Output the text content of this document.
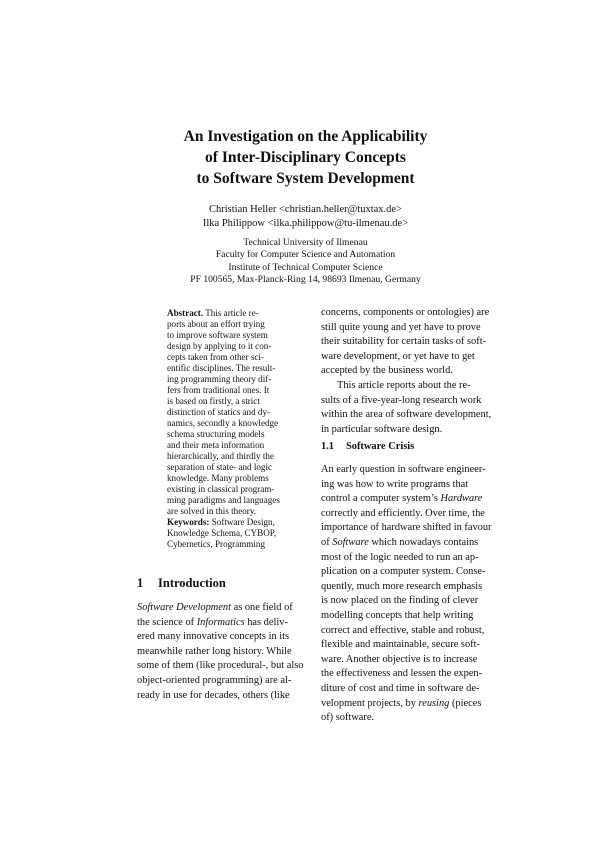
An Investigation on the Applicability
of Inter-Disciplinary Concepts
to Software System Development
Christian Heller <christian.heller@tuxtax.de>
Ilka Philippow <ilka.philippow@tu-ilmenau.de>
Technical University of Ilmenau
Faculty for Computer Science and Automation
Institute of Technical Computer Science
PF 100565, Max-Planck-Ring 14, 98693 Ilmenau, Germany
Abstract. This article re-
ports about an effort trying
to improve software system
design by applying to it con-
cepts taken from other sci-
entific disciplines. The result-
ing programming theory dif-
fers from traditional ones. It
is based on firstly, a strict
distinction of statics and dy-
namics, secondly a knowledge
schema structuring models
and their meta information
hierarchically, and thirdly the
separation of state- and logic
knowledge. Many problems
existing in classical program-
ming paradigms and languages
are solved in this theory.
Keywords: Software Design,
Knowledge Schema, CYBOP,
Cybernetics, Programming
1 Introduction
Software Development as one field of
the science of Informatics has deliv-
ered many innovative concepts in its
meanwhile rather long history. While
some of them (like procedural-, but also
object-oriented programming) are al-
ready in use for decades, others (like
concerns, components or ontologies) are
still quite young and yet have to prove
their suitability for certain tasks of soft-
ware development, or yet have to get
accepted by the business world.
This article reports about the re-
sults of a five-year-long research work
within the area of software development,
in particular software design.
1.1 Software Crisis
An early question in software engineer-
ing was how to write programs that
control a computer system’s Hardware
correctly and efficiently. Over time, the
importance of hardware shifted in favour
of Software which nowadays contains
most of the logic needed to run an ap-
plication on a computer system. Conse-
quently, much more research emphasis
is now placed on the finding of clever
modelling concepts that help writing
correct and effective, stable and robust,
flexible and maintainable, secure soft-
ware. Another objective is to increase
the effectiveness and lessen the expen-
diture of cost and time in software de-
velopment projects, by reusing (pieces
of) software.
